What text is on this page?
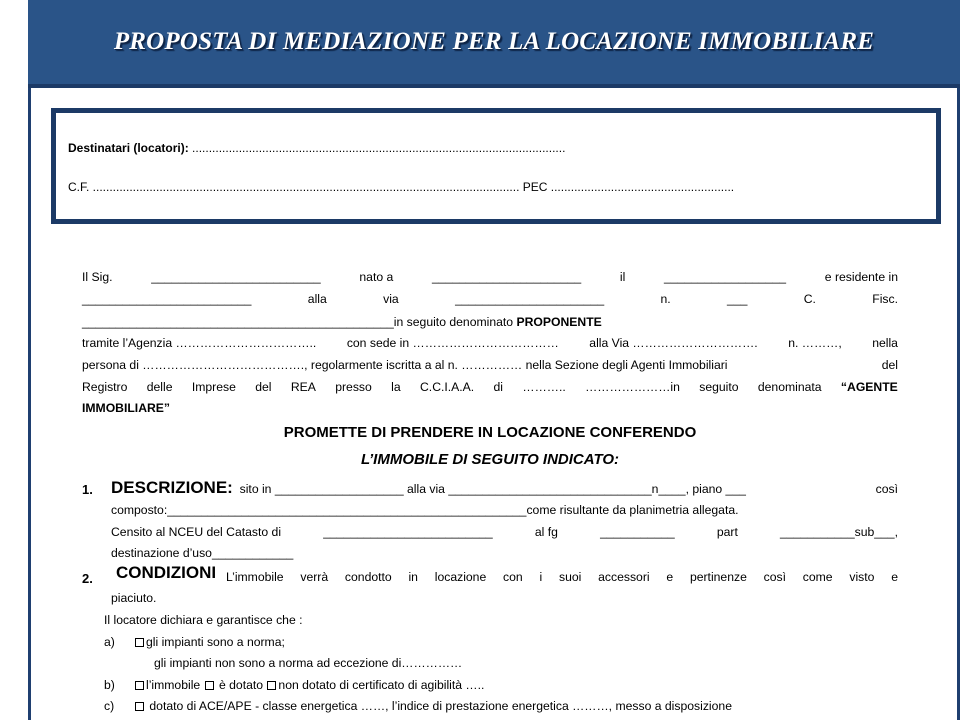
PROPOSTA DI MEDIAZIONE PER LA LOCAZIONE IMMOBILIARE
Destinatari (locatori): ................................................................................................................
C.F. ................................................................................................................................ PEC .......................................................
Il Sig.	_________________________	nato a	______________________	il	__________________	e residente in
_________________________	alla	via	______________________	n.	___	C.	Fisc.
______________________________________________in seguito denominato PROPONENTE
tramite l’Agenzia ……………………………..	con sede in ………………………………	alla Via ………………………….	n. ………,	nella
persona di …………………………………., regolarmente iscritta a al n. …………… nella Sezione degli Agenti Immobiliari	del
Registro delle Imprese del REA presso la C.C.I.A.A. di ……….. …………………in seguito denominata “AGENTE
IMMOBILIARE”
PROMETTE DI PRENDERE IN LOCAZIONE CONFERENDO
L’IMMOBILE DI SEGUITO INDICATO:
1. DESCRIZIONE: sito in ___________________ alla via ______________________________n____, piano ___	così
composto:_____________________________________________________come risultante da planimetria allegata.
Censito al NCEU del Catasto di	_________________________	al fg	___________	part	___________sub___,
destinazione d’uso____________
2. CONDIZIONI L’immobile verrà condotto in locazione con i suoi accessori e pertinenze così come visto e
piaciuto.
Il locatore dichiara e garantisce che :
a)	gli impianti sono a norma;
gli impianti non sono a norma ad eccezione di……………
b)	l’immobile è dotato non dotato di certificato di agibilità …..
c)	dotato di ACE/APE - classe energetica ……, l’indice di prestazione energetica ………, messo a disposizione
